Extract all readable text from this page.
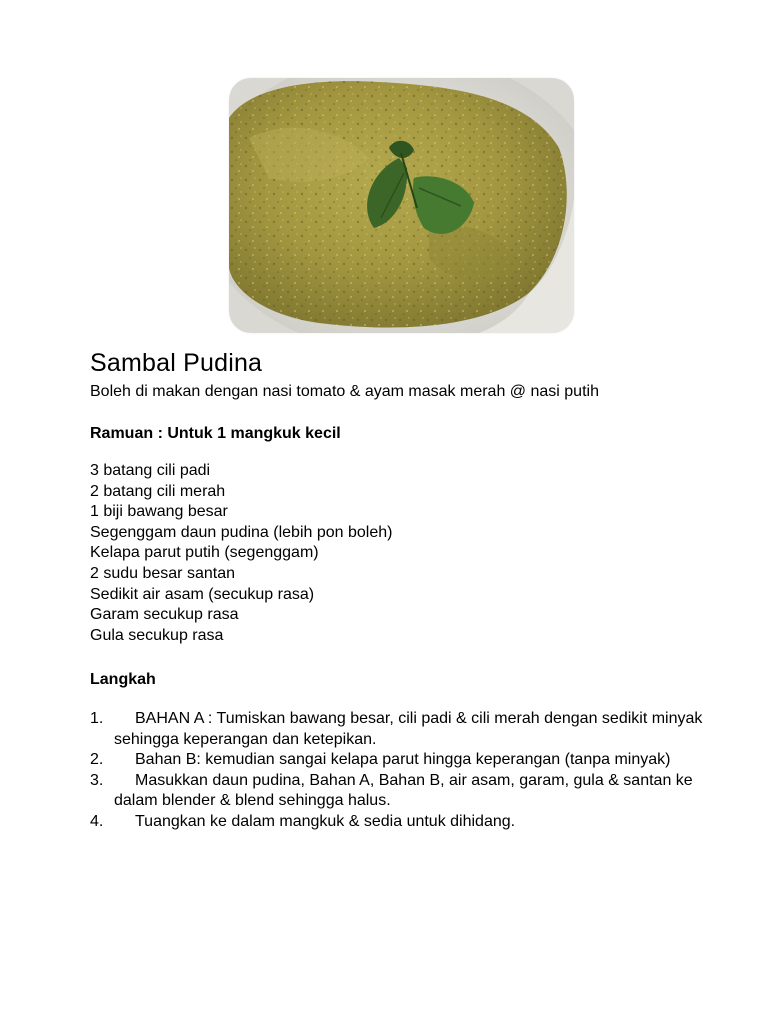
Sambal Pudina
Boleh di makan dengan nasi tomato & ayam masak merah @ nasi putih
Ramuan : Untuk 1 mangkuk kecil
3 batang cili padi
2 batang cili merah
1 biji bawang besar
Segenggam daun pudina (lebih pon boleh)
Kelapa parut putih (segenggam)
2 sudu besar santan
Sedikit air asam (secukup rasa)
Garam secukup rasa
Gula secukup rasa
Langkah
1. BAHAN A : Tumiskan bawang besar, cili padi & cili merah dengan sedikit minyak sehingga keperangan dan ketepikan.
2. Bahan B: kemudian sangai kelapa parut hingga keperangan (tanpa minyak)
3. Masukkan daun pudina, Bahan A, Bahan B, air asam, garam, gula & santan ke dalam blender & blend sehingga halus.
4. Tuangkan ke dalam mangkuk & sedia untuk dihidang.
